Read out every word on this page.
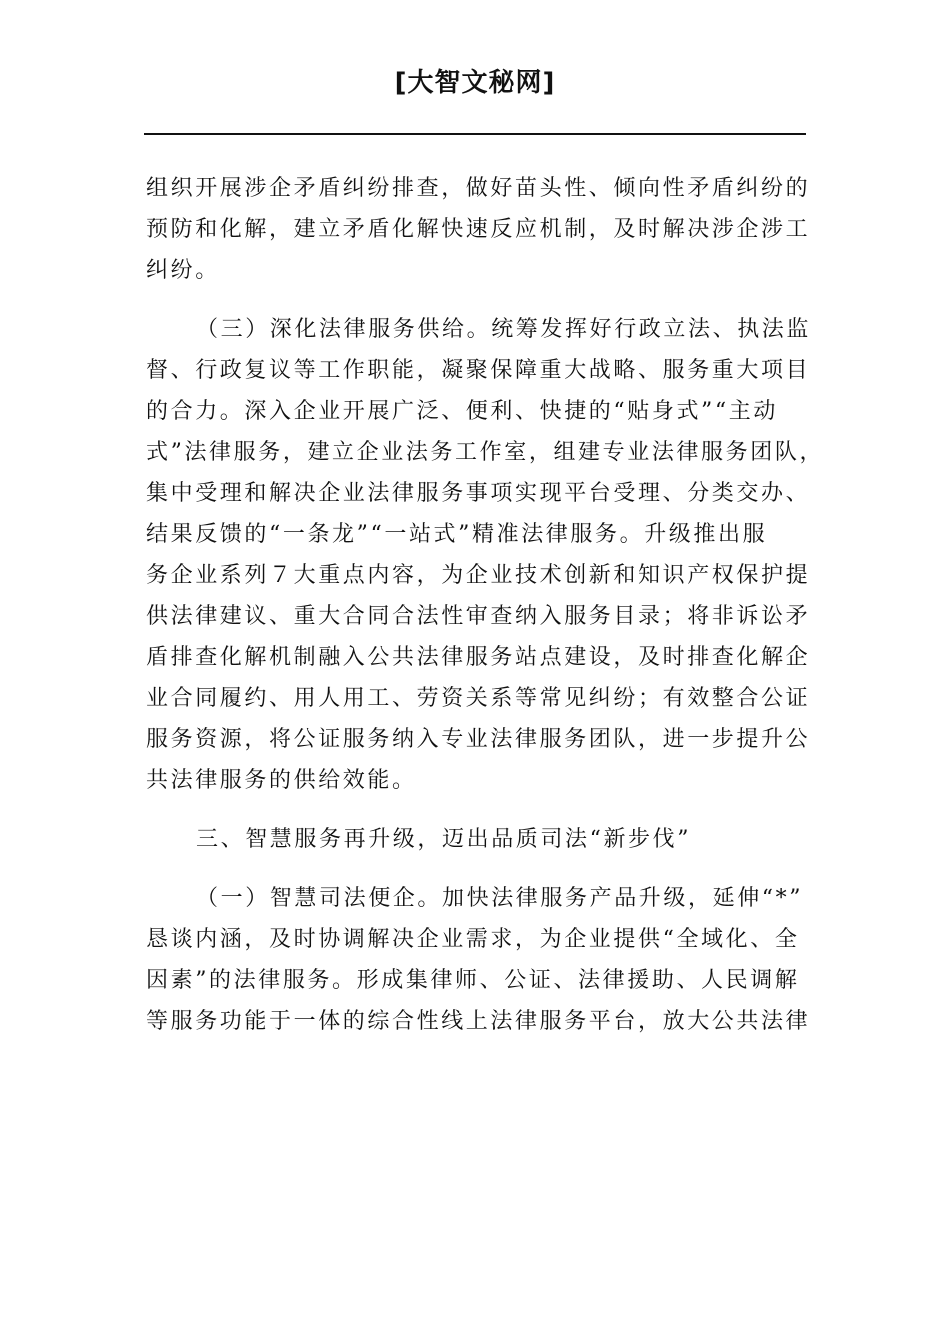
[大智文秘网]
组织开展涉企矛盾纠纷排查，做好苗头性、倾向性矛盾纠纷的
预防和化解，建立矛盾化解快速反应机制，及时解决涉企涉工
纠纷。
（三）深化法律服务供给。统筹发挥好行政立法、执法监
督、行政复议等工作职能，凝聚保障重大战略、服务重大项目
的合力。深入企业开展广泛、便利、快捷的“贴身式”“主动
式”法律服务，建立企业法务工作室，组建专业法律服务团队，
集中受理和解决企业法律服务事项实现平台受理、分类交办、
结果反馈的“一条龙”“一站式”精准法律服务。升级推出服
务企业系列７大重点内容，为企业技术创新和知识产权保护提
供法律建议、重大合同合法性审查纳入服务目录；将非诉讼矛
盾排查化解机制融入公共法律服务站点建设，及时排查化解企
业合同履约、用人用工、劳资关系等常见纠纷；有效整合公证
服务资源，将公证服务纳入专业法律服务团队，进一步提升公
共法律服务的供给效能。
三、智慧服务再升级，迈出品质司法“新步伐”
（一）智慧司法便企。加快法律服务产品升级，延伸“*”
恳谈内涵，及时协调解决企业需求，为企业提供“全域化、全
因素”的法律服务。形成集律师、公证、法律援助、人民调解
等服务功能于一体的综合性线上法律服务平台，放大公共法律
